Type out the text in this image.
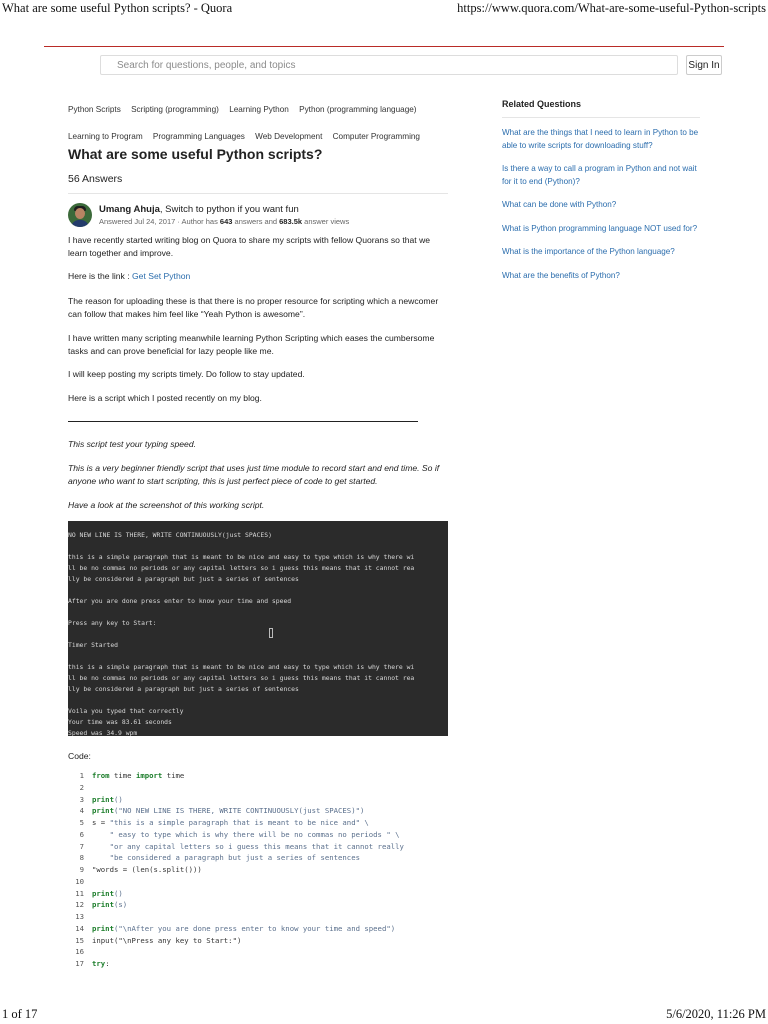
What are some useful Python scripts? - Quora	https://www.quora.com/What-are-some-useful-Python-scripts
Search for questions, people, and topics	Sign In
Python Scripts Scripting (programming) Learning Python Python (programming language)
Learning to Program Programming Languages Web Development Computer Programming
What are some useful Python scripts?
56 Answers
Umang Ahuja, Switch to python if you want fun
Answered Jul 24, 2017 · Author has 643 answers and 683.5k answer views
I have recently started writing blog on Quora to share my scripts with fellow Quorans so that we learn together and improve.
Here is the link : Get Set Python
The reason for uploading these is that there is no proper resource for scripting which a newcomer can follow that makes him feel like “Yeah Python is awesome”.
I have written many scripting meanwhile learning Python Scripting which eases the cumbersome tasks and can prove beneficial for lazy people like me.
I will keep posting my scripts timely. Do follow to stay updated.
Here is a script which I posted recently on my blog.
This script test your typing speed.
This is a very beginner friendly script that uses just time module to record start and end time. So if anyone who want to start scripting, this is just perfect piece of code to get started.
Have a look at the screenshot of this working script.
NO NEW LINE IS THERE, WRITE CONTINUOUSLY(just SPACES)

this is a simple paragraph that is meant to be nice and easy to type which is why there wi
ll be no commas no periods or any capital letters so i guess this means that it cannot rea
lly be considered a paragraph but just a series of sentences

After you are done press enter to know your time and speed

Press any key to Start:

Timer Started

this is a simple paragraph that is meant to be nice and easy to type which is why there wi
ll be no commas no periods or any capital letters so i guess this means that it cannot rea
lly be considered a paragraph but just a series of sentences

Voila you typed that correctly
Your time was 83.61 seconds
Speed was 34.9 wpm
Code:
1 from time import time
2
3 print()
4 print("NO NEW LINE IS THERE, WRITE CONTINUOUSLY(just SPACES)")
5 s = "this is a simple paragraph that is meant to be nice and" \
6 " easy to type which is why there will be no commas no periods " \
7 "or any capital letters so i guess this means that it cannot really
8 "be considered a paragraph but just a series of sentences
9 "words = (len(s.split()))
10
11 print()
12 print(s)
13
14 print("\nAfter you are done press enter to know your time and speed")
15 input("\nPress any key to Start:")
16
17 try:
Related Questions
What are the things that I need to learn in Python to be able to write scripts for downloading stuff?
Is there a way to call a program in Python and not wait for it to end (Python)?
What can be done with Python?
What is Python programming language NOT used for?
What is the importance of the Python language?
What are the benefits of Python?
1 of 17	5/6/2020, 11:26 PM
